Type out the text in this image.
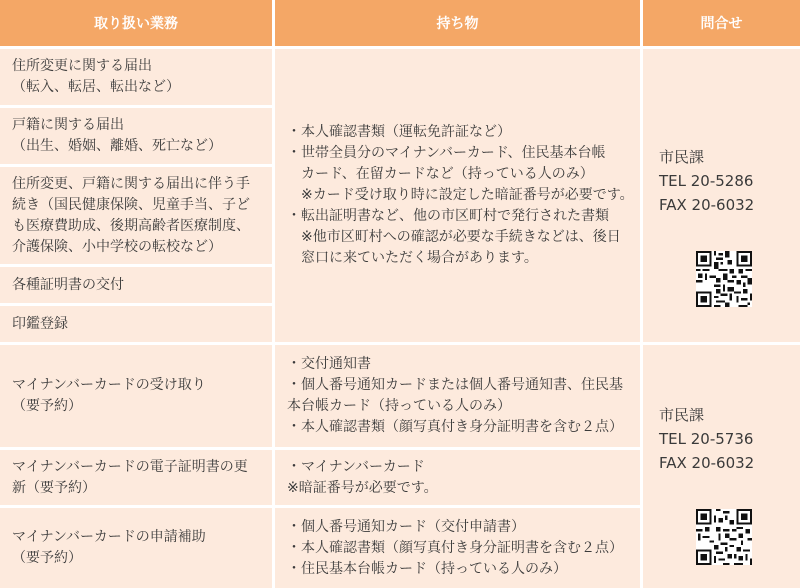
取り扱い業務	持ち物	問合せ
住所変更に関する届出
（転入、転居、転出など）
戸籍に関する届出
（出生、婚姻、離婚、死亡など）
住所変更、戸籍に関する届出に伴う手
続き（国民健康保険、児童手当、子ど
も医療費助成、後期高齢者医療制度、
介護保険、小中学校の転校など）
各種証明書の交付
印鑑登録
マイナンバーカードの受け取り
（要予約）
マイナンバーカードの電子証明書の更
新（要予約）
マイナンバーカードの申請補助
（要予約）
・本人確認書類（運転免許証など）
・世帯全員分のマイナンバーカード、住民基本台帳
　カード、在留カードなど（持っている人のみ）
　※カード受け取り時に設定した暗証番号が必要です。
・転出証明書など、他の市区町村で発行された書類
　※他市区町村への確認が必要な手続きなどは、後日
　窓口に来ていただく場合があります。
・交付通知書
・個人番号通知カードまたは個人番号通知書、住民基
本台帳カード（持っている人のみ）
・本人確認書類（顔写真付き身分証明書を含む２点）
・マイナンバーカード
※暗証番号が必要です。
・個人番号通知カード（交付申請書）
・本人確認書類（顔写真付き身分証明書を含む２点）
・住民基本台帳カード（持っている人のみ）
市民課
TEL 20-5286
FAX 20-6032
市民課
TEL 20-5736
FAX 20-6032
